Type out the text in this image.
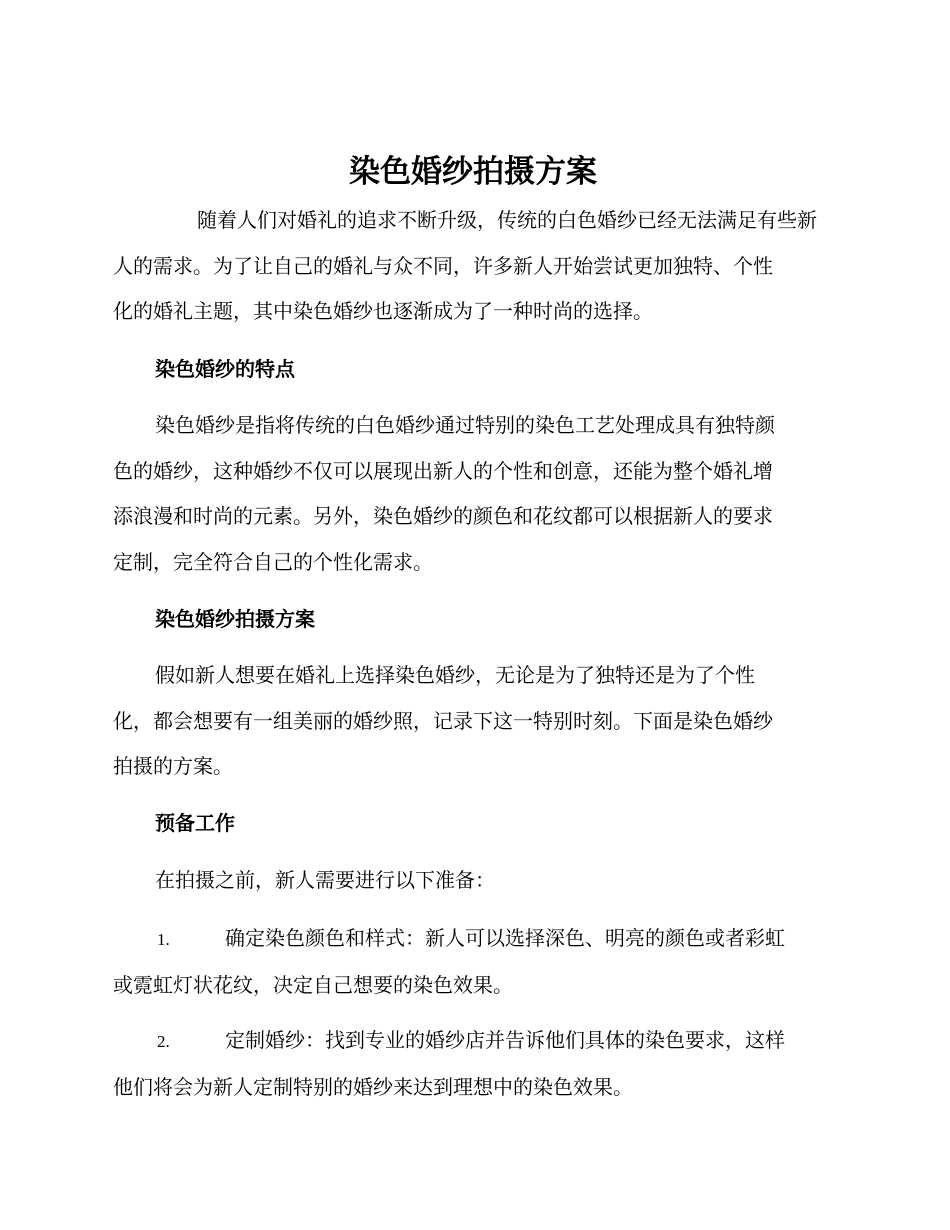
染色婚纱拍摄方案
随着人们对婚礼的追求不断升级，传统的白色婚纱已经无法满足有些新
人的需求。为了让自己的婚礼与众不同，许多新人开始尝试更加独特、个性
化的婚礼主题，其中染色婚纱也逐渐成为了一种时尚的选择。
染色婚纱的特点
染色婚纱是指将传统的白色婚纱通过特别的染色工艺处理成具有独特颜
色的婚纱，这种婚纱不仅可以展现出新人的个性和创意，还能为整个婚礼增
添浪漫和时尚的元素。另外，染色婚纱的颜色和花纹都可以根据新人的要求
定制，完全符合自己的个性化需求。
染色婚纱拍摄方案
假如新人想要在婚礼上选择染色婚纱，无论是为了独特还是为了个性
化，都会想要有一组美丽的婚纱照，记录下这一特别时刻。下面是染色婚纱
拍摄的方案。
预备工作
在拍摄之前，新人需要进行以下准备：
1.	确定染色颜色和样式：新人可以选择深色、明亮的颜色或者彩虹
或霓虹灯状花纹，决定自己想要的染色效果。
2.	定制婚纱：找到专业的婚纱店并告诉他们具体的染色要求，这样
他们将会为新人定制特别的婚纱来达到理想中的染色效果。
